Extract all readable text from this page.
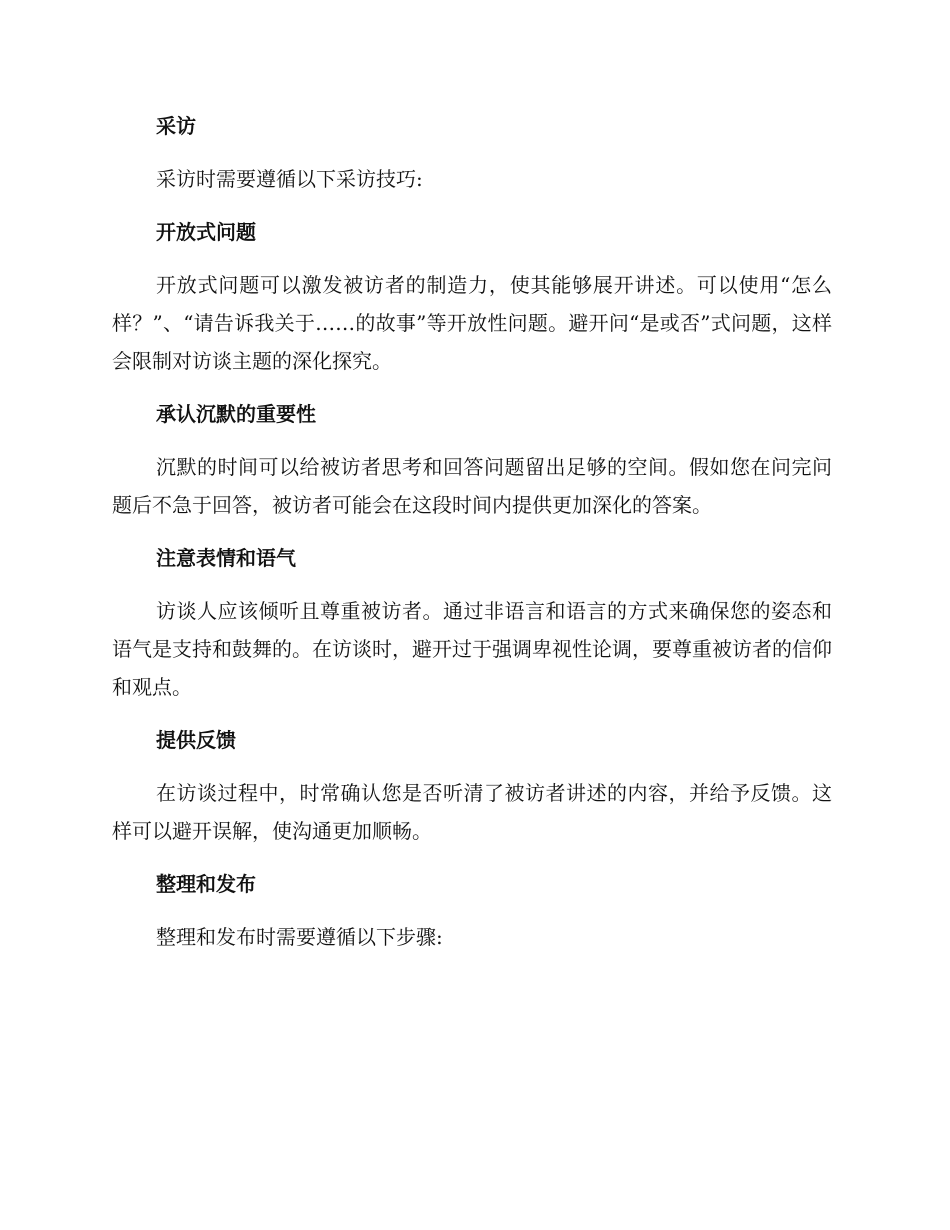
采访
采访时需要遵循以下采访技巧:
开放式问题
开放式问题可以激发被访者的制造力，使其能够展开讲述。可以使用“怎么样？”、“请告诉我关于……的故事”等开放性问题。避开问“是或否”式问题，这样会限制对访谈主题的深化探究。
承认沉默的重要性
沉默的时间可以给被访者思考和回答问题留出足够的空间。假如您在问完问题后不急于回答，被访者可能会在这段时间内提供更加深化的答案。
注意表情和语气
访谈人应该倾听且尊重被访者。通过非语言和语言的方式来确保您的姿态和语气是支持和鼓舞的。在访谈时，避开过于强调卑视性论调，要尊重被访者的信仰和观点。
提供反馈
在访谈过程中，时常确认您是否听清了被访者讲述的内容，并给予反馈。这样可以避开误解，使沟通更加顺畅。
整理和发布
整理和发布时需要遵循以下步骤:
